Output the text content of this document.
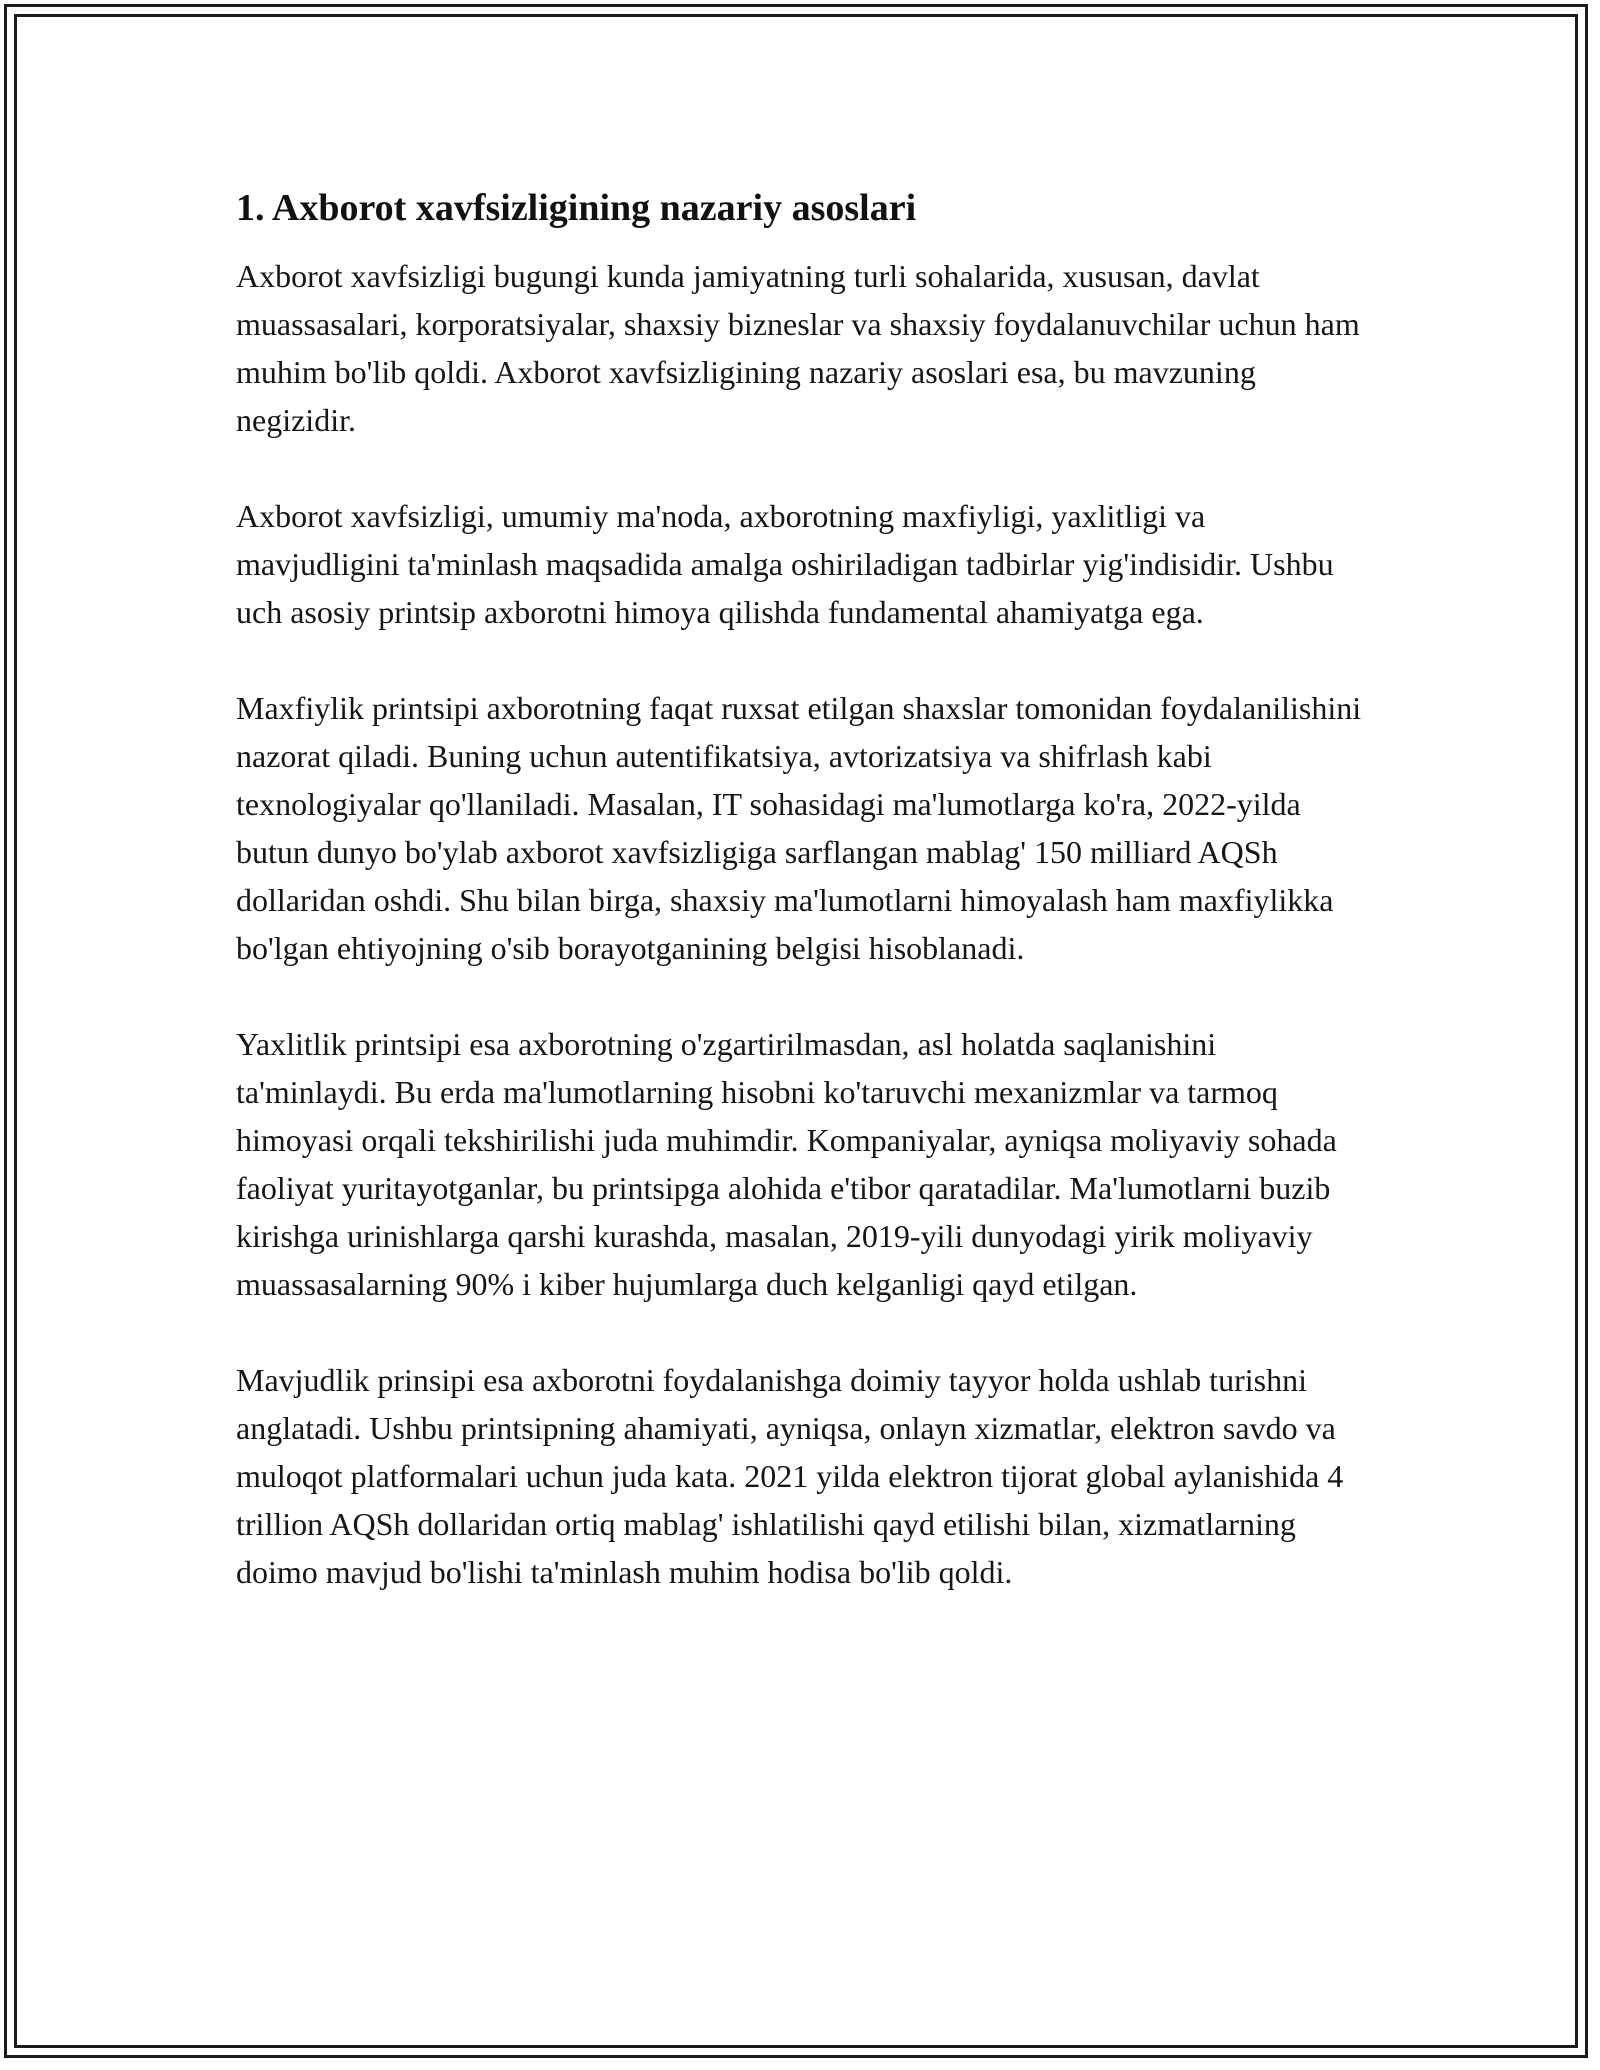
1. Axborot xavfsizligining nazariy asoslari

Axborot xavfsizligi bugungi kunda jamiyatning turli sohalarida, xususan, davlat muassasalari, korporatsiyalar, shaxsiy bizneslar va shaxsiy foydalanuvchilar uchun ham muhim bo'lib qoldi. Axborot xavfsizligining nazariy asoslari esa, bu mavzuning negizidir.

Axborot xavfsizligi, umumiy ma'noda, axborotning maxfiyligi, yaxlitligi va mavjudligini ta'minlash maqsadida amalga oshiriladigan tadbirlar yig'indisidir. Ushbu uch asosiy printsip axborotni himoya qilishda fundamental ahamiyatga ega.

Maxfiylik printsipi axborotning faqat ruxsat etilgan shaxslar tomonidan foydalanilishini nazorat qiladi. Buning uchun autentifikatsiya, avtorizatsiya va shifrlash kabi texnologiyalar qo'llaniladi. Masalan, IT sohasidagi ma'lumotlarga ko'ra, 2022-yilda butun dunyo bo'ylab axborot xavfsizligiga sarflangan mablag' 150 milliard AQSh dollaridan oshdi. Shu bilan birga, shaxsiy ma'lumotlarni himoyalash ham maxfiylikka bo'lgan ehtiyojning o'sib borayotganining belgisi hisoblanadi.

Yaxlitlik printsipi esa axborotning o'zgartirilmasdan, asl holatda saqlanishini ta'minlaydi. Bu erda ma'lumotlarning hisobni ko'taruvchi mexanizmlar va tarmoq himoyasi orqali tekshirilishi juda muhimdir. Kompaniyalar, ayniqsa moliyaviy sohada faoliyat yuritayotganlar, bu printsipga alohida e'tibor qaratadilar. Ma'lumotlarni buzib kirishga urinishlarga qarshi kurashda, masalan, 2019-yili dunyodagi yirik moliyaviy muassasalarning 90% i kiber hujumlarga duch kelganligi qayd etilgan.

Mavjudlik prinsipi esa axborotni foydalanishga doimiy tayyor holda ushlab turishni anglatadi. Ushbu printsipning ahamiyati, ayniqsa, onlayn xizmatlar, elektron savdo va muloqot platformalari uchun juda kata. 2021 yilda elektron tijorat global aylanishida 4 trillion AQSh dollaridan ortiq mablag' ishlatilishi qayd etilishi bilan, xizmatlarning doimo mavjud bo'lishi ta'minlash muhim hodisa bo'lib qoldi.
